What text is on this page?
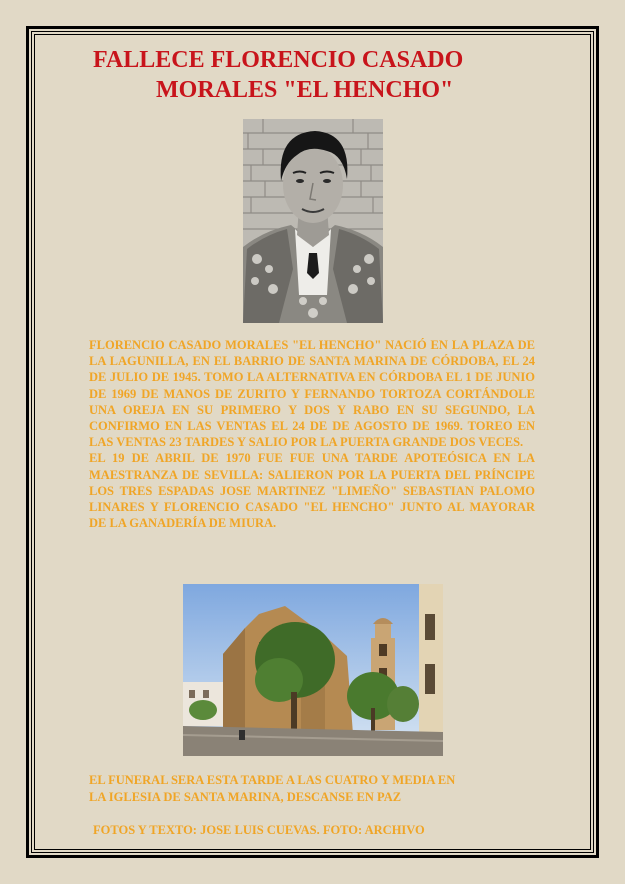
FALLECE FLORENCIO CASADO
MORALES "EL HENCHO"

FLORENCIO CASADO MORALES "EL HENCHO" NACIÓ EN LA PLAZA DE LA LAGUNILLA, EN EL BARRIO DE SANTA MARINA DE CÓRDOBA, EL 24 DE JULIO DE 1945. TOMO LA ALTERNATIVA EN CÓRDOBA EL 1 DE JUNIO DE 1969 DE MANOS DE ZURITO Y FERNANDO TORTOZA CORTÁNDOLE UNA OREJA EN SU PRIMERO Y DOS Y RABO EN SU SEGUNDO, LA CONFIRMO EN LAS VENTAS EL 24 DE DE AGOSTO DE 1969. TOREO EN LAS VENTAS 23 TARDES Y SALIO POR LA PUERTA GRANDE DOS VECES.

EL 19 DE ABRIL DE 1970 FUE FUE UNA TARDE APOTEÓSICA EN LA MAESTRANZA DE SEVILLA: SALIERON POR LA PUERTA DEL PRÍNCIPE LOS TRES ESPADAS JOSE MARTINEZ "LIMEÑO" SEBASTIAN PALOMO LINARES Y FLORENCIO CASADO "EL HENCHO" JUNTO AL MAYORAR DE LA GANADERÍA DE MIURA.

EL FUNERAL SERA ESTA TARDE A LAS CUATRO Y MEDIA EN
LA IGLESIA DE SANTA MARINA, DESCANSE EN PAZ

FOTOS Y TEXTO: JOSE LUIS CUEVAS. FOTO: ARCHIVO
